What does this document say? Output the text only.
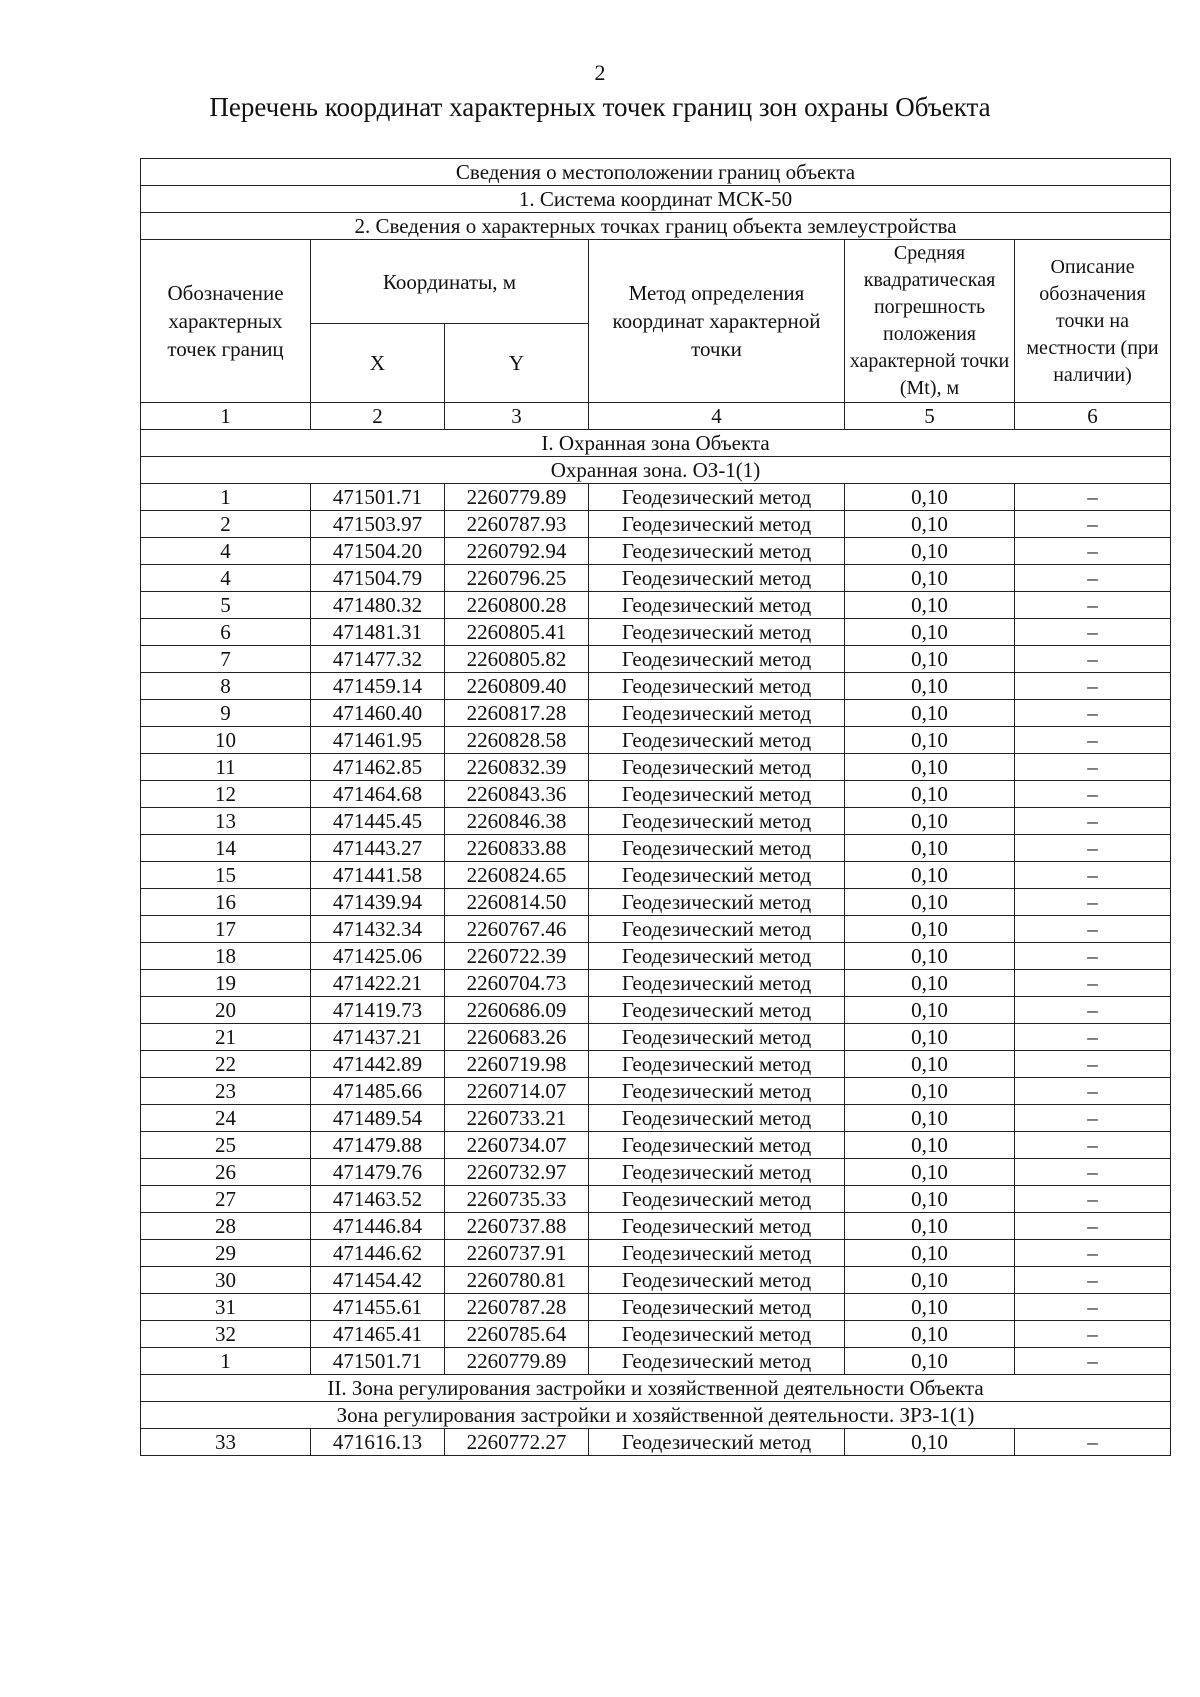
2
Перечень координат характерных точек границ зон охраны Объекта
Сведения о местоположении границ объекта					
1. Система координат МСК-50					
2. Сведения о характерных точках границ объекта землеустройства					
Обозначение характерных точек границ	Координаты, м		Метод определения координат характерной точки	Средняя квадратическая погрешность положения характерной точки (Mt), м	Описание обозначения точки на местности (при наличии)
	X	Y			
1	2	3	4	5	6
I. Охранная зона Объекта					
Охранная зона. ОЗ-1(1)					
1	471501.71	2260779.89	Геодезический метод	0,10	–
2	471503.97	2260787.93	Геодезический метод	0,10	–
4	471504.20	2260792.94	Геодезический метод	0,10	–
4	471504.79	2260796.25	Геодезический метод	0,10	–
5	471480.32	2260800.28	Геодезический метод	0,10	–
6	471481.31	2260805.41	Геодезический метод	0,10	–
7	471477.32	2260805.82	Геодезический метод	0,10	–
8	471459.14	2260809.40	Геодезический метод	0,10	–
9	471460.40	2260817.28	Геодезический метод	0,10	–
10	471461.95	2260828.58	Геодезический метод	0,10	–
11	471462.85	2260832.39	Геодезический метод	0,10	–
12	471464.68	2260843.36	Геодезический метод	0,10	–
13	471445.45	2260846.38	Геодезический метод	0,10	–
14	471443.27	2260833.88	Геодезический метод	0,10	–
15	471441.58	2260824.65	Геодезический метод	0,10	–
16	471439.94	2260814.50	Геодезический метод	0,10	–
17	471432.34	2260767.46	Геодезический метод	0,10	–
18	471425.06	2260722.39	Геодезический метод	0,10	–
19	471422.21	2260704.73	Геодезический метод	0,10	–
20	471419.73	2260686.09	Геодезический метод	0,10	–
21	471437.21	2260683.26	Геодезический метод	0,10	–
22	471442.89	2260719.98	Геодезический метод	0,10	–
23	471485.66	2260714.07	Геодезический метод	0,10	–
24	471489.54	2260733.21	Геодезический метод	0,10	–
25	471479.88	2260734.07	Геодезический метод	0,10	–
26	471479.76	2260732.97	Геодезический метод	0,10	–
27	471463.52	2260735.33	Геодезический метод	0,10	–
28	471446.84	2260737.88	Геодезический метод	0,10	–
29	471446.62	2260737.91	Геодезический метод	0,10	–
30	471454.42	2260780.81	Геодезический метод	0,10	–
31	471455.61	2260787.28	Геодезический метод	0,10	–
32	471465.41	2260785.64	Геодезический метод	0,10	–
1	471501.71	2260779.89	Геодезический метод	0,10	–
II. Зона регулирования застройки и хозяйственной деятельности Объекта					
Зона регулирования застройки и хозяйственной деятельности. ЗРЗ-1(1)					
33	471616.13	2260772.27	Геодезический метод	0,10	–
